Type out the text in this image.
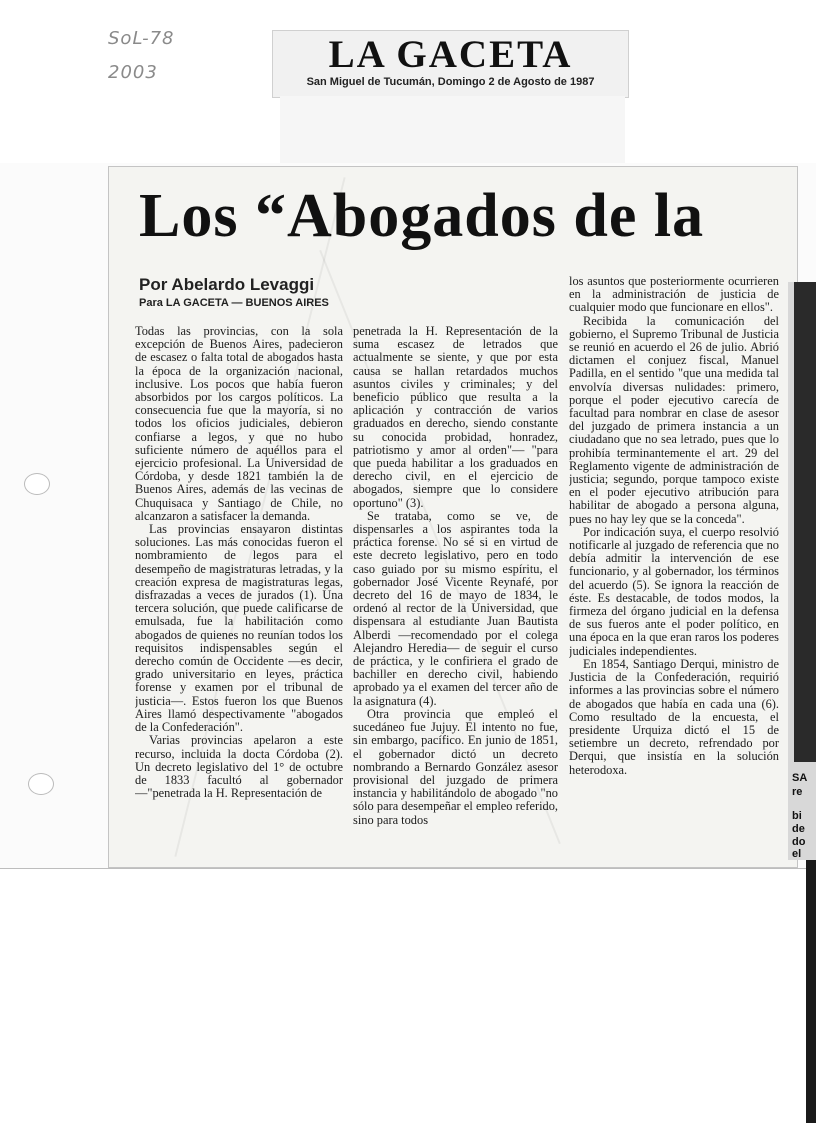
SoL-78
2003	LA GACETA
San Miguel de Tucumán, Domingo 2 de Agosto de 1987
Los “Abogados de la
Por Abelardo Levaggi
Para LA GACETA — BUENOS AIRES

Todas las provincias, con la sola excepción de Buenos Aires, padecieron de escasez o falta total de abogados hasta la época de la organización nacional, inclusive. Los pocos que había fueron absorbidos por los cargos políticos. La consecuencia fue que la mayoría, si no todos los oficios judiciales, debieron confiarse a legos, y que no hubo suficiente número de aquéllos para el ejercicio profesional. La Universidad de Córdoba, y desde 1821 también la de Buenos Aires, además de las vecinas de Chuquisaca y Santiago de Chile, no alcanzaron a satisfacer la demanda.

Las provincias ensayaron distintas soluciones. Las más conocidas fueron el nombramiento de legos para el desempeño de magistraturas letradas, y la creación expresa de magistraturas legas, disfrazadas a veces de jurados (1). Una tercera solución, que puede calificarse de emulsada, fue la habilitación como abogados de quienes no reunían todos los requisitos indispensables según el derecho común de Occidente —es decir, grado universitario en leyes, práctica forense y examen por el tribunal de justicia—. Estos fueron los que Buenos Aires llamó despectivamente "abogados de la Confederación".

Varias provincias apelaron a este recurso, incluida la docta Córdoba (2). Un decreto legislativo del 1° de octubre de 1833 facultó al gobernador —"penetrada la H. Representación de

penetrada la H. Representación de la suma escasez de letrados que actualmente se siente, y que por esta causa se hallan retardados muchos asuntos civiles y criminales; y del beneficio público que resulta a la aplicación y contracción de varios graduados en derecho, siendo constante su conocida probidad, honradez, patriotismo y amor al orden"— "para que pueda habilitar a los graduados en derecho civil, en el ejercicio de abogados, siempre que lo considere oportuno" (3).

Se trataba, como se ve, de dispensarles a los aspirantes toda la práctica forense. No sé si en virtud de este decreto legislativo, pero en todo caso guiado por su mismo espíritu, el gobernador José Vicente Reynafé, por decreto del 16 de mayo de 1834, le ordenó al rector de la Universidad, que dispensara al estudiante Juan Bautista Alberdi —recomendado por el colega Alejandro Heredia— de seguir el curso de práctica, y le confiriera el grado de bachiller en derecho civil, habiendo aprobado ya el examen del tercer año de la asignatura (4).

Otra provincia que empleó el sucedáneo fue Jujuy. El intento no fue, sin embargo, pacífico. En junio de 1851, el gobernador dictó un decreto nombrando a Bernardo González asesor provisional del juzgado de primera instancia y habilitándolo de abogado "no sólo para desempeñar el empleo referido, sino para todos

los asuntos que posteriormente ocurrieren en la administración de justicia de cualquier modo que funcionare en ellos".

Recibida la comunicación del gobierno, el Supremo Tribunal de Justicia se reunió en acuerdo el 26 de julio. Abrió dictamen el conjuez fiscal, Manuel Padilla, en el sentido "que una medida tal envolvía diversas nulidades: primero, porque el poder ejecutivo carecía de facultad para nombrar en clase de asesor del juzgado de primera instancia a un ciudadano que no sea letrado, pues que lo prohibía terminantemente el art. 29 del Reglamento vigente de administración de justicia; segundo, porque tampoco existe en el poder ejecutivo atribución para habilitar de abogado a persona alguna, pues no hay ley que se la conceda".

Por indicación suya, el cuerpo resolvió notificarle al juzgado de referencia que no debía admitir la intervención de ese funcionario, y al gobernador, los términos del acuerdo (5). Se ignora la reacción de éste. Es destacable, de todos modos, la firmeza del órgano judicial en la defensa de sus fueros ante el poder político, en una época en la que eran raros los poderes judiciales independientes.

En 1854, Santiago Derqui, ministro de Justicia de la Confederación, requirió informes a las provincias sobre el número de abogados que había en cada una (6). Como resultado de la encuesta, el presidente Urquiza dictó el 15 de setiembre un decreto, refrendado por Derqui, que insistía en la solución heterodoxa.

SA
re
bi
de
do
el
